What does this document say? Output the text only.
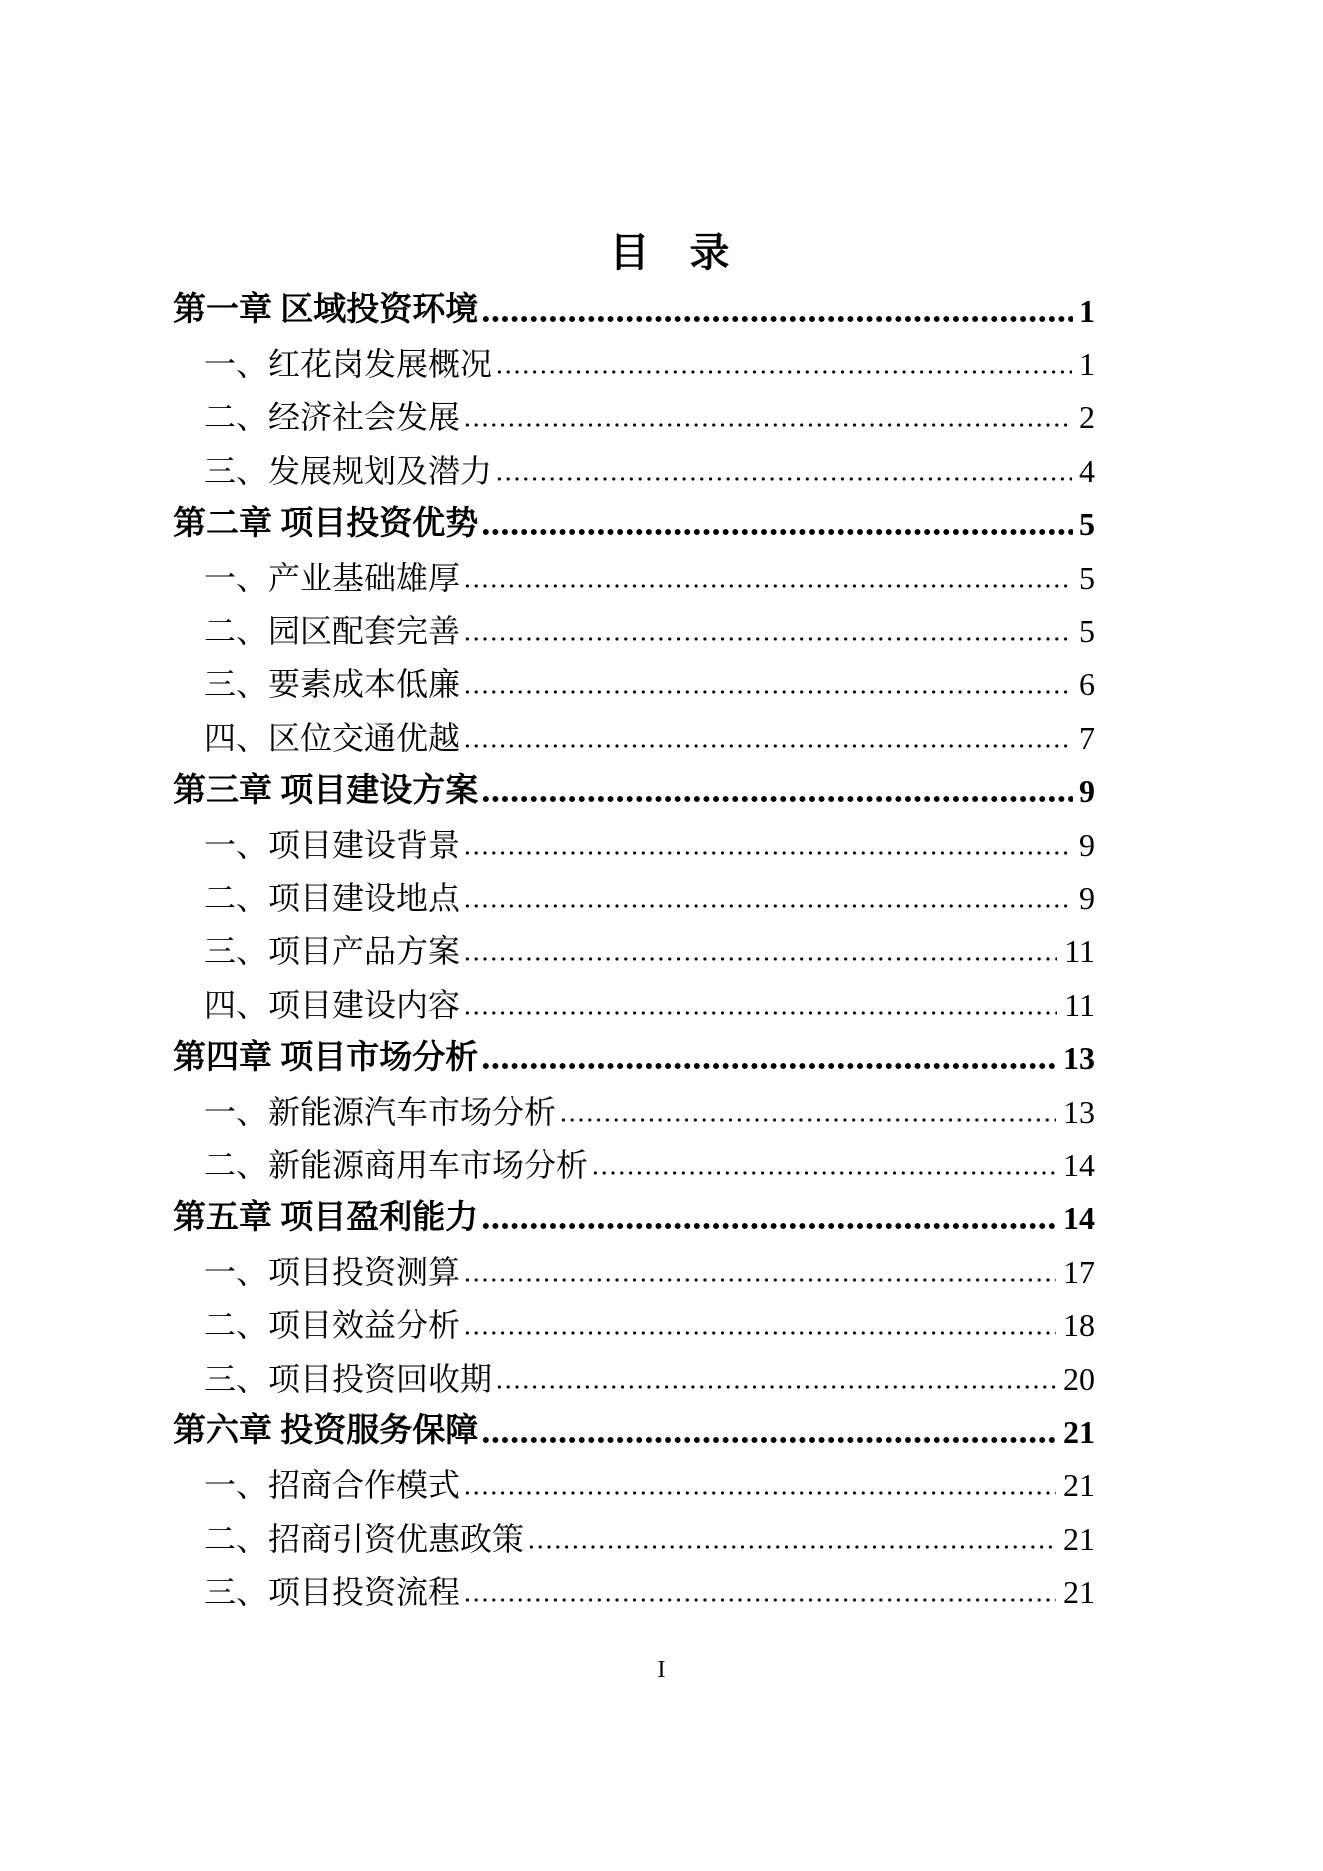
目　录
第一章 区域投资环境	1
一、红花岗发展概况	1
二、经济社会发展	2
三、发展规划及潜力	4
第二章 项目投资优势	5
一、产业基础雄厚	5
二、园区配套完善	5
三、要素成本低廉	6
四、区位交通优越	7
第三章 项目建设方案	9
一、项目建设背景	9
二、项目建设地点	9
三、项目产品方案	11
四、项目建设内容	11
第四章 项目市场分析	13
一、新能源汽车市场分析	13
二、新能源商用车市场分析	14
第五章 项目盈利能力	14
一、项目投资测算	17
二、项目效益分析	18
三、项目投资回收期	20
第六章 投资服务保障	21
一、招商合作模式	21
二、招商引资优惠政策	21
三、项目投资流程	21
I
